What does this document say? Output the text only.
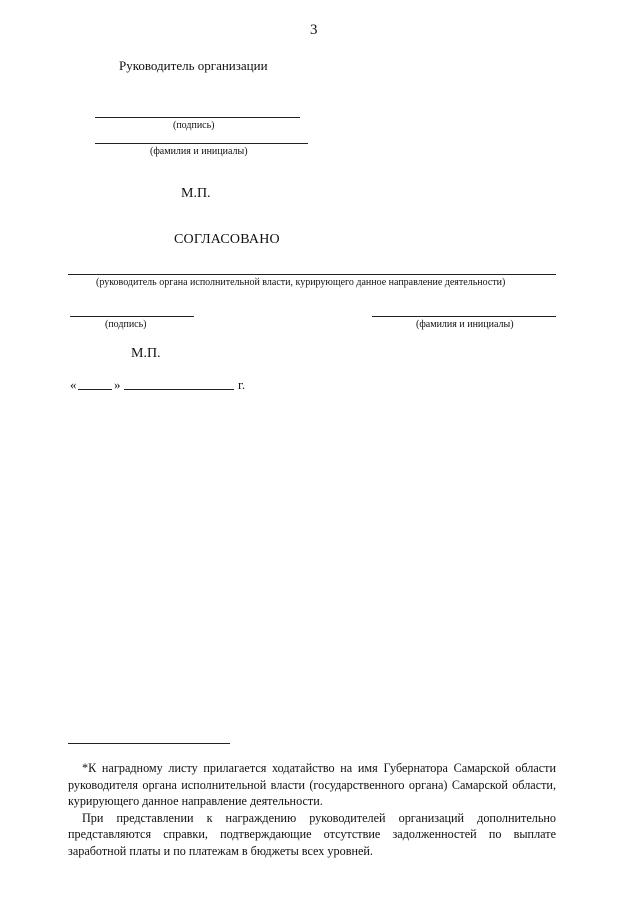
3
Руководитель организации
(подпись)
(фамилия и инициалы)
М.П.
СОГЛАСОВАНО
(руководитель органа исполнительной власти, курирующего данное направление деятельности)
(подпись)	(фамилия и инициалы)
М.П.
«	»	г.

*К наградному листу прилагается ходатайство на имя Губернатора Самарской области руководителя органа исполнительной власти (государственного органа) Самарской области, курирующего данное направление деятельности.

При представлении к награждению руководителей организаций дополнительно представляются справки, подтверждающие отсутствие задолженностей по выплате заработной платы и по платежам в бюджеты всех уровней.
